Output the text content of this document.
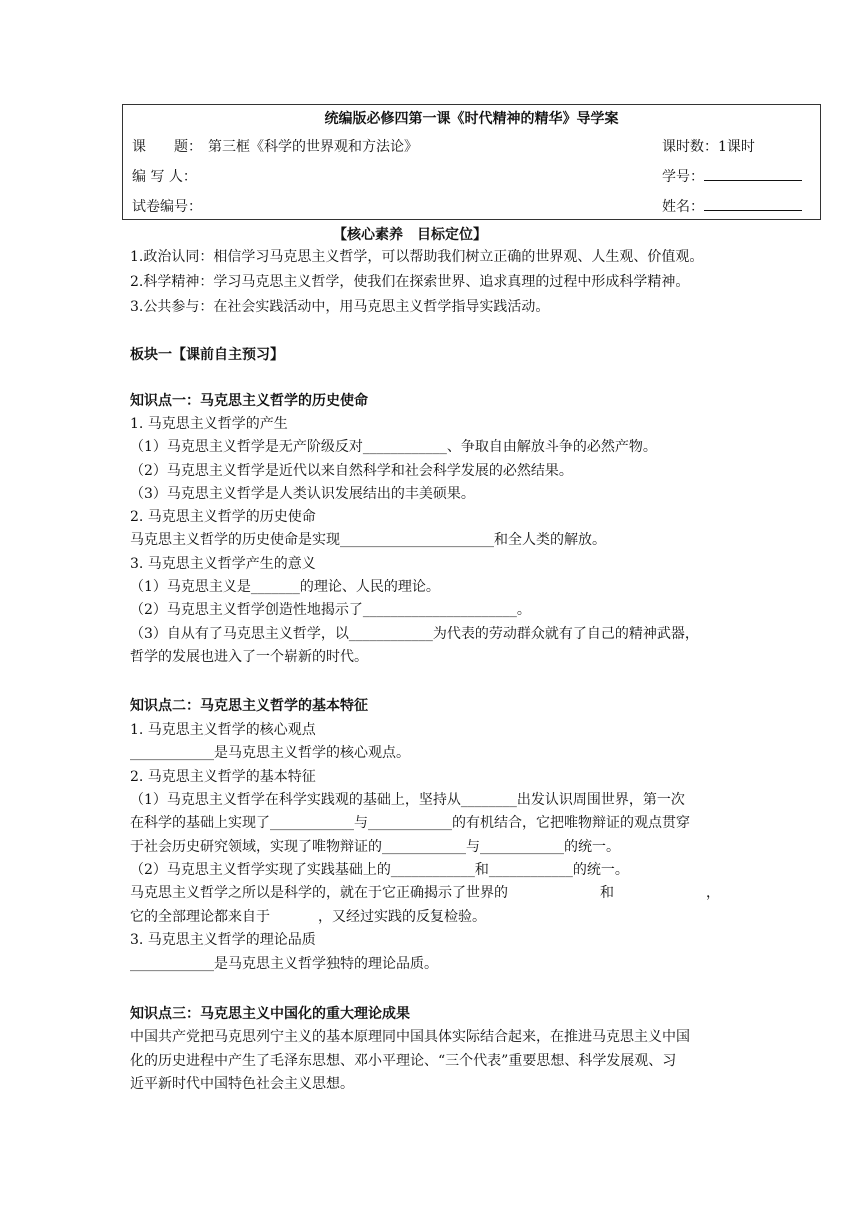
统编版必修四第一课《时代精神的精华》导学案
课　　题： 第三框《科学的世界观和方法论》	课时数：1课时
编 写 人：	学号：
试卷编号：	姓名：
【核心素养　目标定位】
1.政治认同：相信学习马克思主义哲学，可以帮助我们树立正确的世界观、人生观、价值观。
2.科学精神：学习马克思主义哲学，使我们在探索世界、追求真理的过程中形成科学精神。
3.公共参与：在社会实践活动中，用马克思主义哲学指导实践活动。
板块一【课前自主预习】
知识点一：马克思主义哲学的历史使命
1. 马克思主义哲学的产生
（1）马克思主义哲学是无产阶级反对____________、争取自由解放斗争的必然产物。
（2）马克思主义哲学是近代以来自然科学和社会科学发展的必然结果。
（3）马克思主义哲学是人类认识发展结出的丰美硕果。
2. 马克思主义哲学的历史使命
马克思主义哲学的历史使命是实现______________________和全人类的解放。
3. 马克思主义哲学产生的意义
（1）马克思主义是_______的理论、人民的理论。
（2）马克思主义哲学创造性地揭示了______________________。
（3）自从有了马克思主义哲学，以____________为代表的劳动群众就有了自己的精神武器，
哲学的发展也进入了一个崭新的时代。
知识点二：马克思主义哲学的基本特征
1. 马克思主义哲学的核心观点
____________是马克思主义哲学的核心观点。
2. 马克思主义哲学的基本特征
（1）马克思主义哲学在科学实践观的基础上，坚持从________出发认识周围世界，第一次
在科学的基础上实现了____________与____________的有机结合，它把唯物辩证的观点贯穿
于社会历史研究领域，实现了唯物辩证的____________与____________的统一。
（2）马克思主义哲学实现了实践基础上的____________和____________的统一。
马克思主义哲学之所以是科学的，就在于它正确揭示了世界的	和	，
它的全部理论都来自于	，又经过实践的反复检验。
3. 马克思主义哲学的理论品质
____________是马克思主义哲学独特的理论品质。
知识点三：马克思主义中国化的重大理论成果
中国共产党把马克思列宁主义的基本原理同中国具体实际结合起来，在推进马克思主义中国
化的历史进程中产生了毛泽东思想、邓小平理论、“三个代表”重要思想、科学发展观、习
近平新时代中国特色社会主义思想。
